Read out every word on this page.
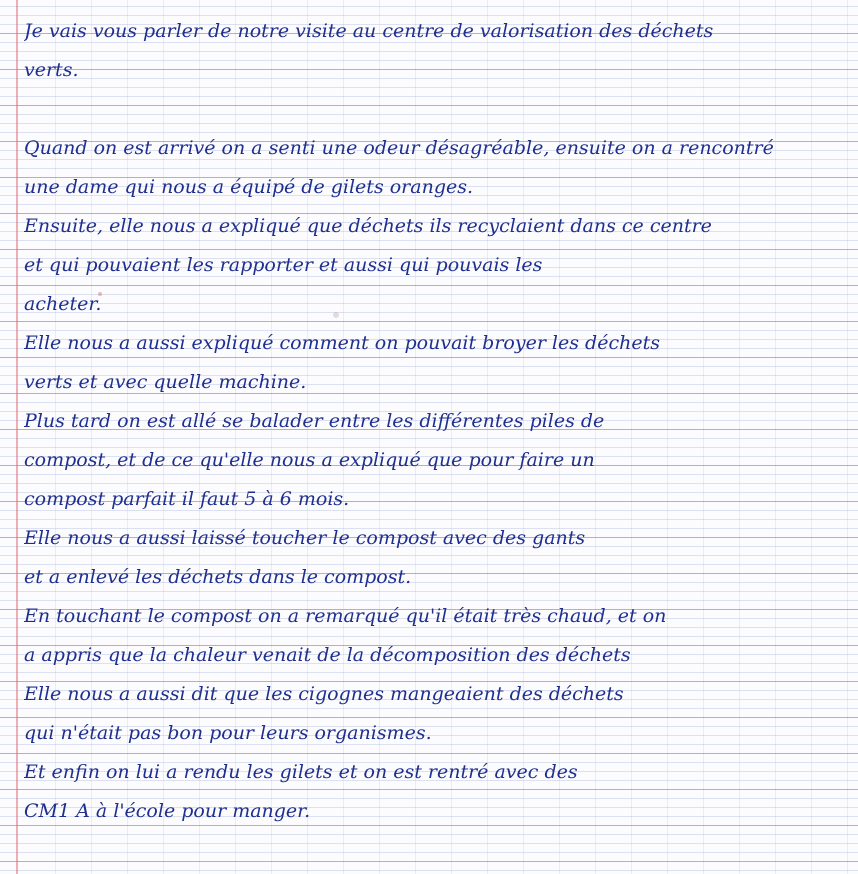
Je vais vous parler de notre visite au centre de valorisation des déchets
verts.
Quand on est arrivé on a senti une odeur désagréable, ensuite on a rencontré
une dame qui nous a équipé de gilets oranges.
Ensuite, elle nous a expliqué que déchets ils recyclaient dans ce centre
et qui pouvaient les rapporter et aussi qui pouvais les
acheter.
Elle nous a aussi expliqué comment on pouvait broyer les déchets
verts et avec quelle machine.
Plus tard on est allé se balader entre les différentes piles de
compost, et de ce qu'elle nous a expliqué que pour faire un
compost parfait il faut 5 à 6 mois.
Elle nous a aussi laissé toucher le compost avec des gants
et a enlevé les déchets dans le compost.
En touchant le compost on a remarqué qu'il était très chaud, et on
a appris que la chaleur venait de la décomposition des déchets
Elle nous a aussi dit que les cigognes mangeaient des déchets
qui n'était pas bon pour leurs organismes.
Et enfin on lui a rendu les gilets et on est rentré avec des
CM1 A à l'école pour manger.
